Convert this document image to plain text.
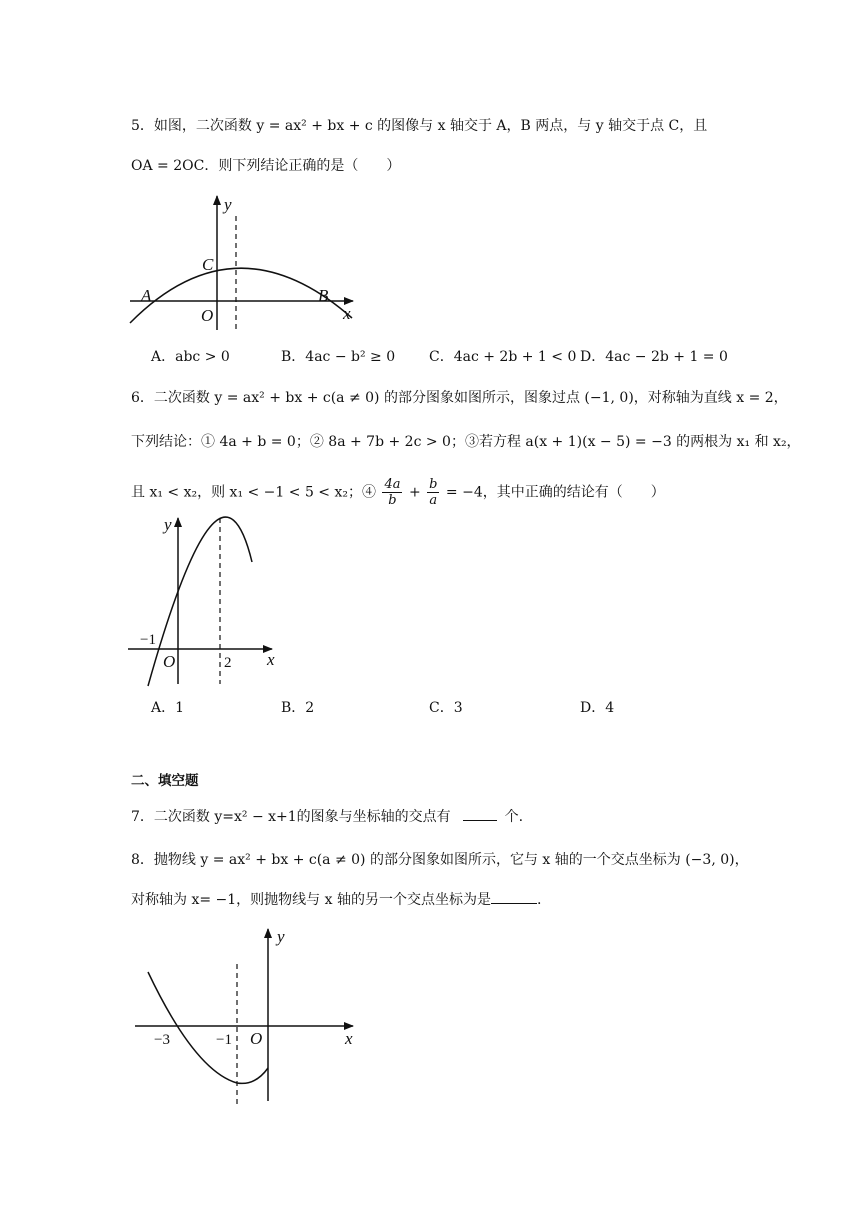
5．如图，二次函数 y = ax² + bx + c 的图像与 x 轴交于 A，B 两点，与 y 轴交于点 C，且
OA = 2OC．则下列结论正确的是（　　）
y
x
O
A	B
C
A．abc > 0	B．4ac − b² ≥ 0 C．4ac + 2b + 1 < 0 D．4ac − 2b + 1 = 0
6．二次函数 y = ax² + bx + c(a ≠ 0) 的部分图象如图所示，图象过点 (−1, 0)，对称轴为直线 x = 2，
下列结论：① 4a + b = 0；② 8a + 7b + 2c > 0；③若方程 a(x + 1)(x − 5) = −3 的两根为 x₁ 和 x₂，
且 x₁ < x₂，则 x₁ < −1 < 5 < x₂；④ $\frac{4a}{b} + \frac{b}{a} = -4$，其中正确的结论有（　　）
y
x
O
−1
2
A．1	B．2	C．3	D．4
二、填空题
7．二次函数 y=x² − x+1的图象与坐标轴的交点有	个.
8．抛物线 y = ax² + bx + c(a ≠ 0) 的部分图象如图所示，它与 x 轴的一个交点坐标为 (−3, 0)，
对称轴为 x= −1，则抛物线与 x 轴的另一个交点坐标为是	.
y
x
O
−3	−1
